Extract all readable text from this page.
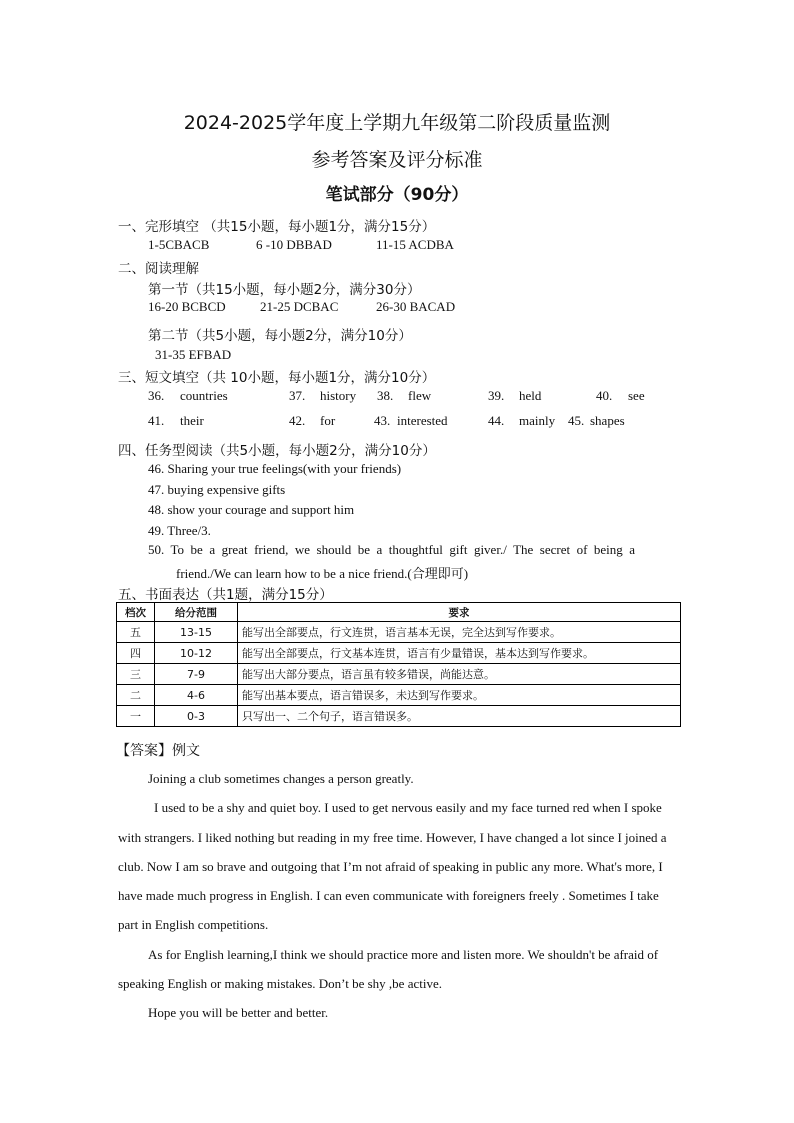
2024-2025学年度上学期九年级第二阶段质量监测
参考答案及评分标准
笔试部分（90分）
一、完形填空 （共15小题，每小题1分，满分15分）
1-5CBACB	6 -10 DBBAD	11-15 ACDBA
二、阅读理解
第一节（共15小题，每小题2分，满分30分）
16-20 BCBCD	21-25 DCBAC	26-30 BACAD
第二节（共5小题，每小题2分，满分10分）
31-35 EFBAD
三、短文填空（共 10小题，每小题1分，满分10分）
36. countries	37. history 38. flew	39. held	40. see
41. their	42. for	43. interested	44. mainly 45. shapes
四、任务型阅读（共5小题，每小题2分，满分10分）
46. Sharing your true feelings(with your friends)
47. buying expensive gifts
48. show your courage and support him
49. Three/3.
50.  To  be  a  great  friend,  we  should  be  a  thoughtful  gift  giver./  The  secret  of  being  a
friend./We can learn how to be a nice friend.(合理即可)
五、书面表达（共1题，满分15分）
档次	给分范围	要求
五	13-15	能写出全部要点，行文连贯，语言基本无误，完全达到写作要求。
四	10-12	能写出全部要点，行文基本连贯，语言有少量错误，基本达到写作要求。
三	7-9	能写出大部分要点，语言虽有较多错误，尚能达意。
二	4-6	能写出基本要点，语言错误多，未达到写作要求。
一	0-3	只写出一、二个句子，语言错误多。
【答案】例文
Joining a club sometimes changes a person greatly.
I used to be a shy and quiet boy. I used to get nervous easily and my face turned red when I spoke with strangers. I liked nothing but reading in my free time. However, I have changed a lot since I joined a club. Now I am so brave and outgoing that I’m not afraid of speaking in public any more. What's more, I have made much progress in English. I can even communicate with foreigners freely . Sometimes I take part in English competitions.
As for English learning,I think we should practice more and listen more. We shouldn't be afraid of speaking English or making mistakes. Don’t be shy ,be active.
Hope you will be better and better.
